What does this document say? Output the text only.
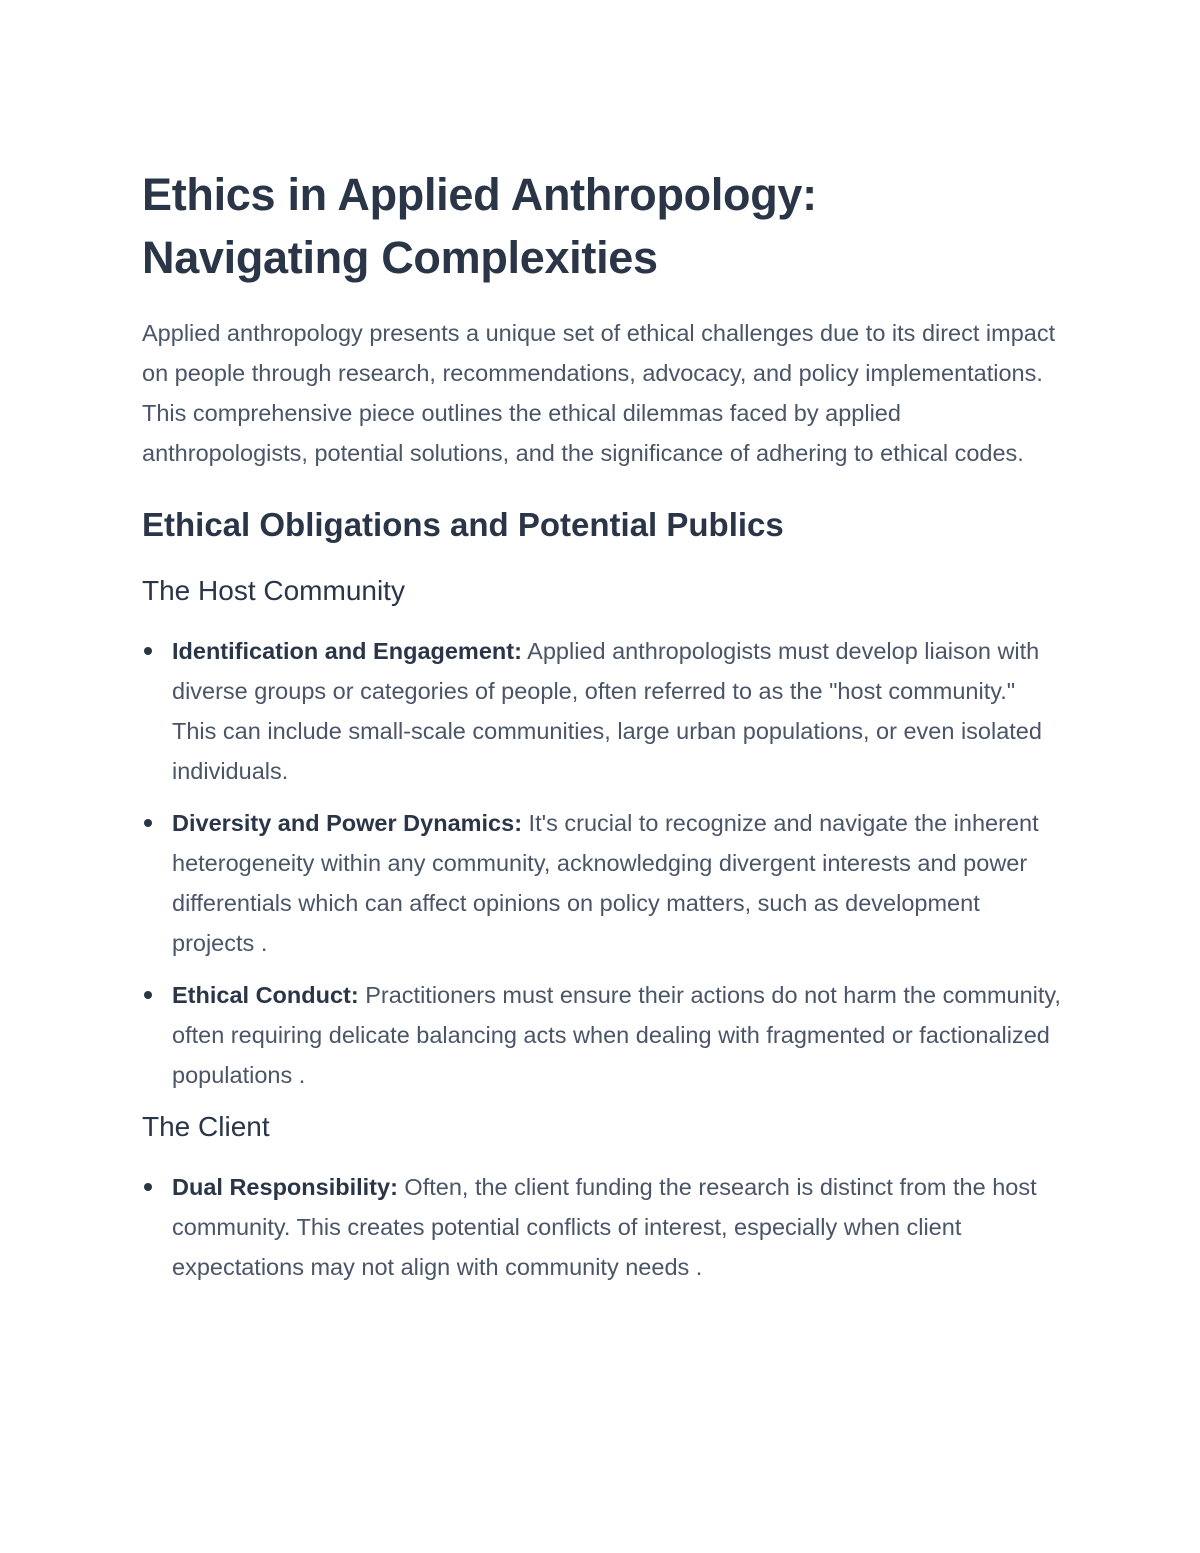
Ethics in Applied Anthropology:
Navigating Complexities

Applied anthropology presents a unique set of ethical challenges due to its direct impact on people through research, recommendations, advocacy, and policy implementations. This comprehensive piece outlines the ethical dilemmas faced by applied anthropologists, potential solutions, and the significance of adhering to ethical codes.

Ethical Obligations and Potential Publics
The Host Community
Identification and Engagement: Applied anthropologists must develop liaison with diverse groups or categories of people, often referred to as the "host community." This can include small-scale communities, large urban populations, or even isolated individuals.
Diversity and Power Dynamics: It's crucial to recognize and navigate the inherent heterogeneity within any community, acknowledging divergent interests and power differentials which can affect opinions on policy matters, such as development projects .
Ethical Conduct: Practitioners must ensure their actions do not harm the community, often requiring delicate balancing acts when dealing with fragmented or factionalized populations .
The Client
Dual Responsibility: Often, the client funding the research is distinct from the host community. This creates potential conflicts of interest, especially when client expectations may not align with community needs .
